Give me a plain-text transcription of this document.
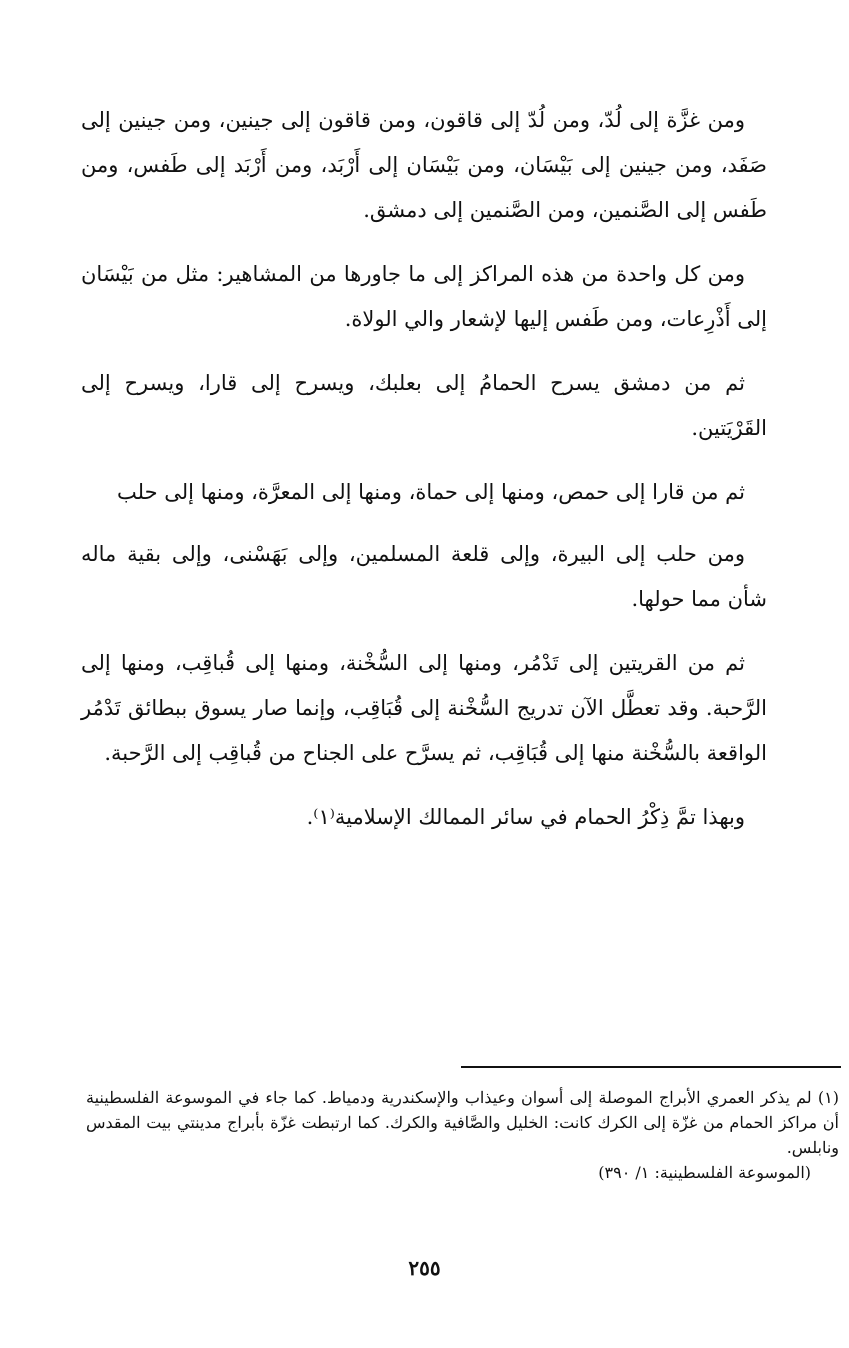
ومن غزَّة إلى لُدّ، ومن لُدّ إلى قاقون، ومن قاقون إلى جينين، ومن جينين إلى صَفَد، ومن جينين إلى بَيْسَان، ومن بَيْسَان إلى أَرْبَد، ومن أَرْبَد إلى طَفس، ومن طَفس إلى الصَّنمين، ومن الصَّنمين إلى دمشق.

ومن كل واحدة من هذه المراكز إلى ما جاورها من المشاهير: مثل من بَيْسَان إلى أَذْرِعات، ومن طَفس إليها لإشعار والي الولاة.

ثم من دمشق يسرح الحمامُ إلى بعلبك، ويسرح إلى قارا، ويسرح إلى القَرْيَتين.

ثم من قارا إلى حمص، ومنها إلى حماة، ومنها إلى المعرَّة، ومنها إلى حلب

ومن حلب إلى البيرة، وإلى قلعة المسلمين، وإلى بَهَسْنى، وإلى بقية ماله شأن مما حولها.

ثم من القريتين إلى تَدْمُر، ومنها إلى السُّخْنة، ومنها إلى قُباقِب، ومنها إلى الرَّحبة. وقد تعطَّل الآن تدريج السُّخْنة إلى قُبَاقِب، وإنما صار يسوق ببطائق تَدْمُر الواقعة بالسُّخْنة منها إلى قُبَاقِب، ثم يسرَّح على الجناح من قُباقِب إلى الرَّحبة.

وبهذا تمَّ ذِكْرُ الحمام في سائر الممالك الإسلامية⁽١⁾.

(١) لم يذكر العمري الأبراج الموصلة إلى أسوان وعيذاب والإسكندرية ودمياط. كما جاء في الموسوعة الفلسطينية أن مراكز الحمام من غزّة إلى الكرك كانت: الخليل والصَّافية والكرك. كما ارتبطت غزّة بأبراج مدينتي بيت المقدس ونابلس.

(الموسوعة الفلسطينية: ١/ ٣٩٠)

٢٥٥
